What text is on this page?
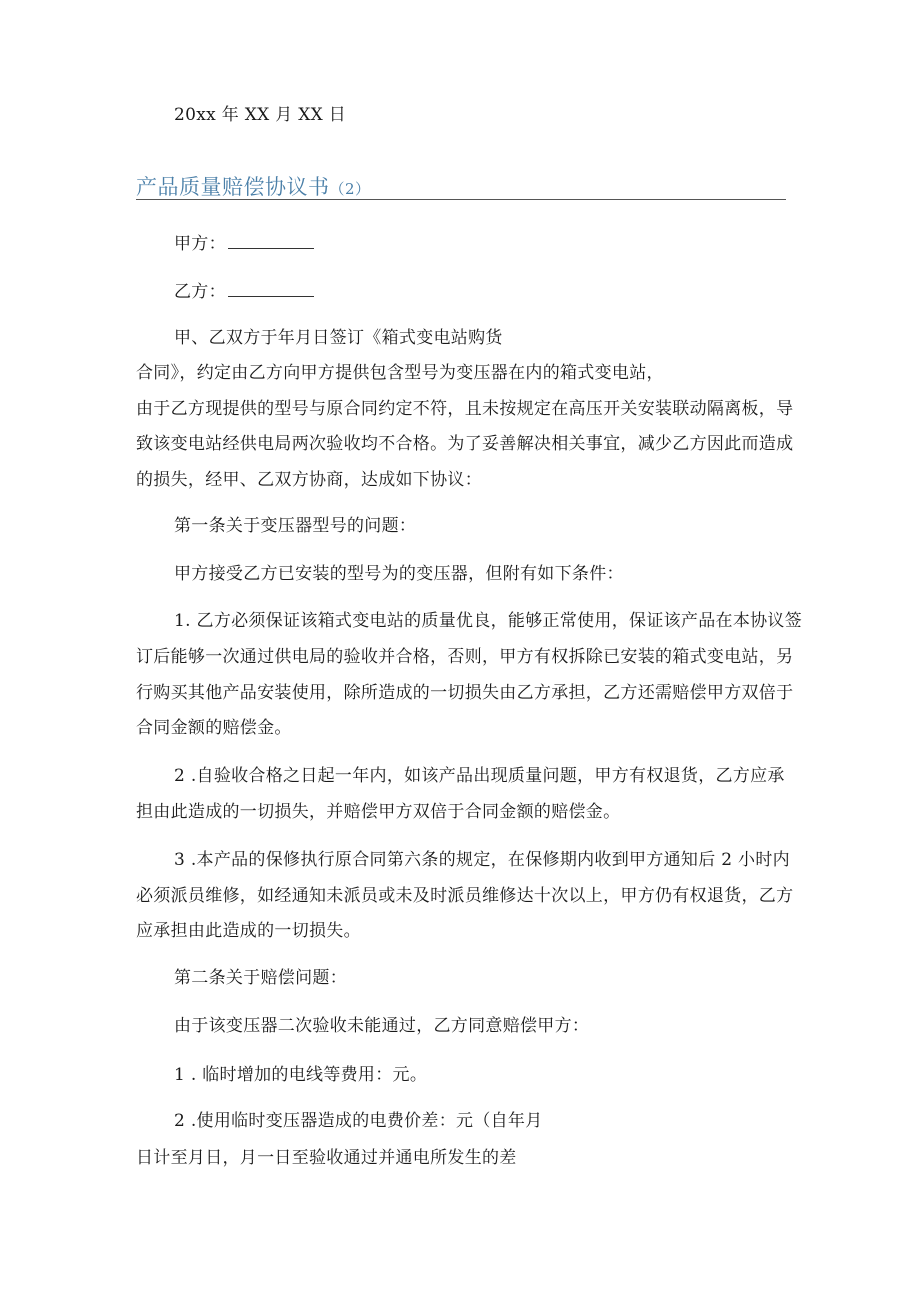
20xx 年 XX 月 XX 日
产品质量赔偿协议书（2）
甲方：
乙方：
甲、乙双方于年月日签订《箱式变电站购货
合同》，约定由乙方向甲方提供包含型号为变压器在内的箱式变电站，
由于乙方现提供的型号与原合同约定不符，且未按规定在高压开关安装联动隔离板，导
致该变电站经供电局两次验收均不合格。为了妥善解决相关事宜，减少乙方因此而造成
的损失，经甲、乙双方协商，达成如下协议：
第一条关于变压器型号的问题：
甲方接受乙方已安装的型号为的变压器，但附有如下条件：
1. 乙方必须保证该箱式变电站的质量优良，能够正常使用，保证该产品在本协议签
订后能够一次通过供电局的验收并合格，否则，甲方有权拆除已安装的箱式变电站，另
行购买其他产品安装使用，除所造成的一切损失由乙方承担，乙方还需赔偿甲方双倍于
合同金额的赔偿金。
2 .自验收合格之日起一年内，如该产品出现质量问题，甲方有权退货，乙方应承
担由此造成的一切损失，并赔偿甲方双倍于合同金额的赔偿金。
3 .本产品的保修执行原合同第六条的规定，在保修期内收到甲方通知后 2 小时内
必须派员维修，如经通知未派员或未及时派员维修达十次以上，甲方仍有权退货，乙方
应承担由此造成的一切损失。
第二条关于赔偿问题：
由于该变压器二次验收未能通过，乙方同意赔偿甲方：
1 . 临时增加的电线等费用：元。
2 .使用临时变压器造成的电费价差：元（自年月
日计至月日，月一日至验收通过并通电所发生的差
